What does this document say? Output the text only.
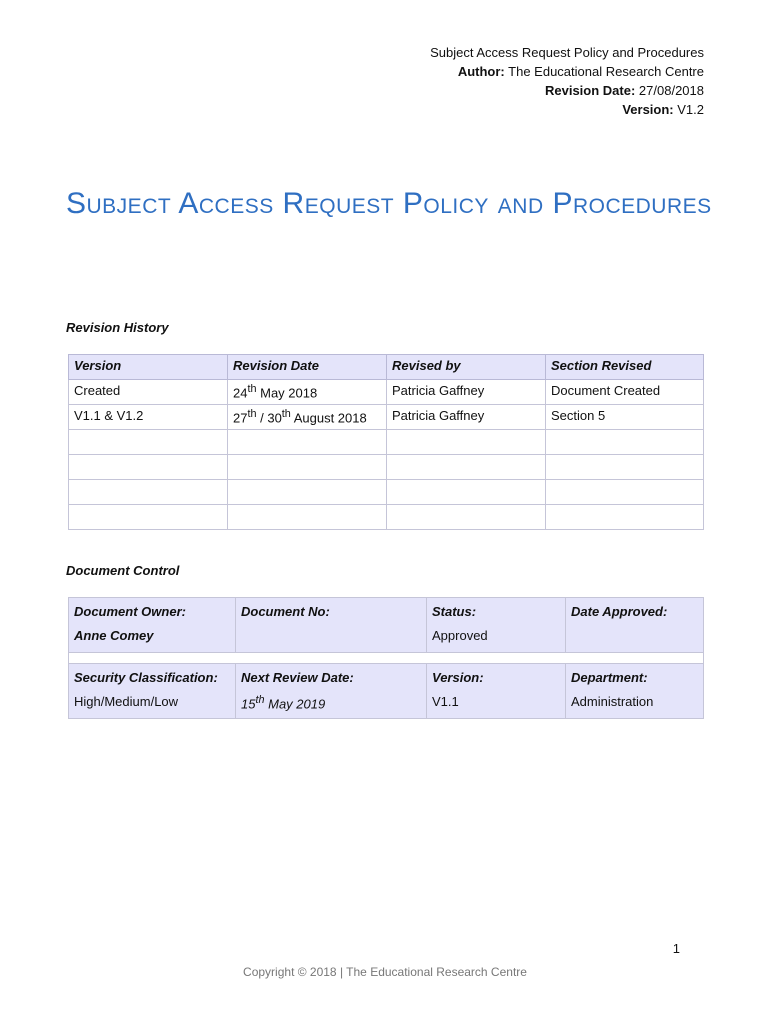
Subject Access Request Policy and Procedures
Author: The Educational Research Centre
Revision Date: 27/08/2018
Version: V1.2
Subject Access Request Policy and Procedures
Revision History
Version	Revision Date	Revised by	Section Revised
Created	24th May 2018	Patricia Gaffney	Document Created
V1.1 & V1.2	27th / 30th August 2018	Patricia Gaffney	Section 5

Document Control
Document Owner:	Document No:	Status:	Date Approved:
Anne Comey		Approved	

Security Classification:	Next Review Date:	Version:	Department:
High/Medium/Low	15th May 2019	V1.1	Administration
1
Copyright © 2018 | The Educational Research Centre
